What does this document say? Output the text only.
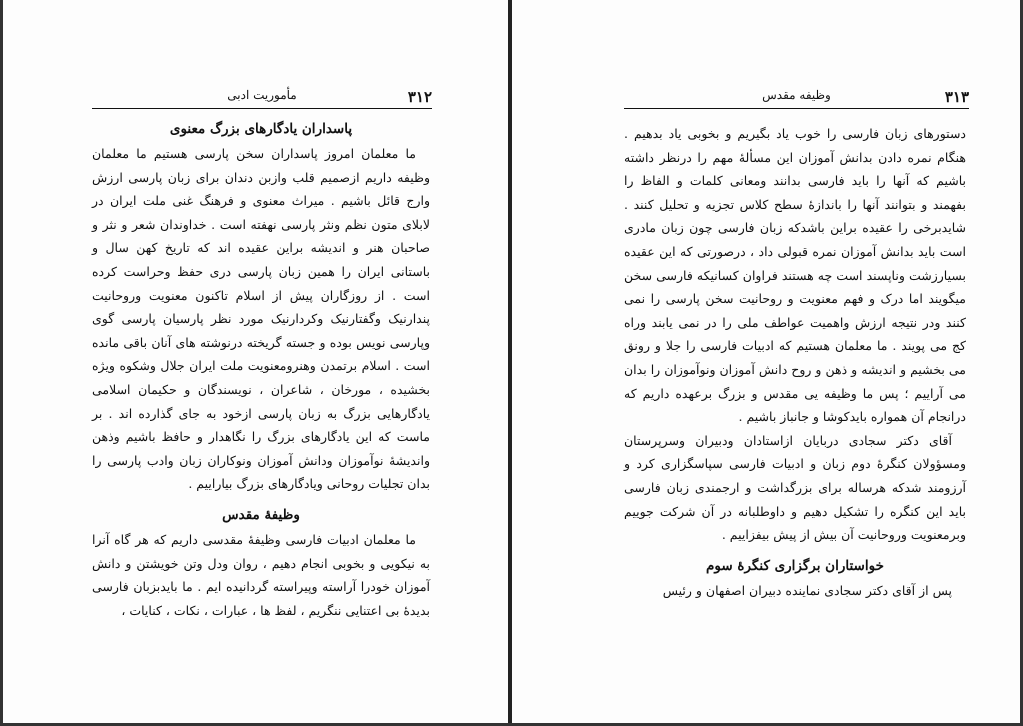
۳۱۲
مأموریت ادبی
پاسداران یادگارهای بزرگ معنوی

ما معلمان امروز پاسداران سخن پارسی هستیم ما معلمان وظیفه داریم ازصمیم قلب وازبن دندان برای زبان پارسی ارزش وارج قائل باشیم . میراث معنوی و فرهنگ غنی ملت ایران در لابلای متون نظم ونثر پارسی نهفته است . خداوندان شعر و نثر و صاحبان هنر و اندیشه براین عقیده اند که تاریخ کهن سال و باستانی ایران را همین زبان پارسی دری حفظ وحراست کرده است . از روزگاران پیش از اسلام تاکنون معنویت وروحانیت پندارنیک وگفتارنیک وکردارنیک مورد نظر پارسیان پارسی گوی وپارسی نویس بوده و جسته گریخته درنوشته های آنان باقی مانده است . اسلام برتمدن وهنرومعنویت ملت ایران جلال وشکوه ویژه بخشیده ، مورخان ، شاعران ، نویسندگان و حکیمان اسلامی یادگارهایی بزرگ به زبان پارسی ازخود به جای گذارده اند . بر ماست که این یادگارهای بزرگ را نگاهدار و حافظ باشیم وذهن واندیشهٔ نوآموزان ودانش آموزان ونوکاران زبان وادب پارسی را بدان تجلیات روحانی ویادگارهای بزرگ بیاراییم .

وظیفهٔ مقدس

ما معلمان ادبیات فارسی وظیفهٔ مقدسی داریم که هر گاه آنرا به نیکویی و بخوبی انجام دهیم ، روان ودل وتن خویشتن و دانش آموزان خودرا آراسته وپیراسته گردانیده ایم . ما بایدبزبان فارسی بدیدهٔ بی اعتنایی ننگریم ، لفظ ها ، عبارات ، نکات ، کنایات ،

۳۱۳
وظیفه مقدس

دستورهای زبان فارسی را خوب یاد بگیریم و بخوبی یاد بدهیم . هنگام نمره دادن بدانش آموزان این مسألهٔ مهم را درنظر داشته باشیم که آنها را باید فارسی بدانند ومعانی کلمات و الفاظ را بفهمند و بتوانند آنها را باندازهٔ سطح کلاس تجزیه و تحلیل کنند . شایدبرخی را عقیده براین باشدکه زبان فارسی چون زبان مادری است باید بدانش آموزان نمره قبولی داد ، درصورتی که این عقیده بسیارزشت وناپسند است چه هستند فراوان کسانیکه فارسی سخن میگویند اما درک و فهم معنویت و روحانیت سخن پارسی را نمی کنند ودر نتیجه ارزش واهمیت عواطف ملی را در نمی یابند وراه کج می پویند . ما معلمان هستیم که ادبیات فارسی را جلا و رونق می بخشیم و اندیشه و ذهن و روح دانش آموزان ونوآموزان را بدان می آراییم ؛ پس ما وظیفه یی مقدس و بزرگ برعهده داریم که درانجام آن همواره بایدکوشا و جانباز باشیم .

آقای دکتر سجادی دربایان ازاستادان ودبیران وسرپرستان ومسؤولان کنگرهٔ دوم زبان و ادبیات فارسی سپاسگزاری کرد و آرزومند شدکه هرساله برای بزرگداشت و ارجمندی زبان فارسی باید این کنگره را تشکیل دهیم و داوطلبانه در آن شرکت جوییم وبرمعنویت وروحانیت آن بیش از پیش بیفزاییم .

خواستاران برگزاری کنگرهٔ سوم

پس از آقای دکتر سجادی نماینده دبیران اصفهان و رئیس
